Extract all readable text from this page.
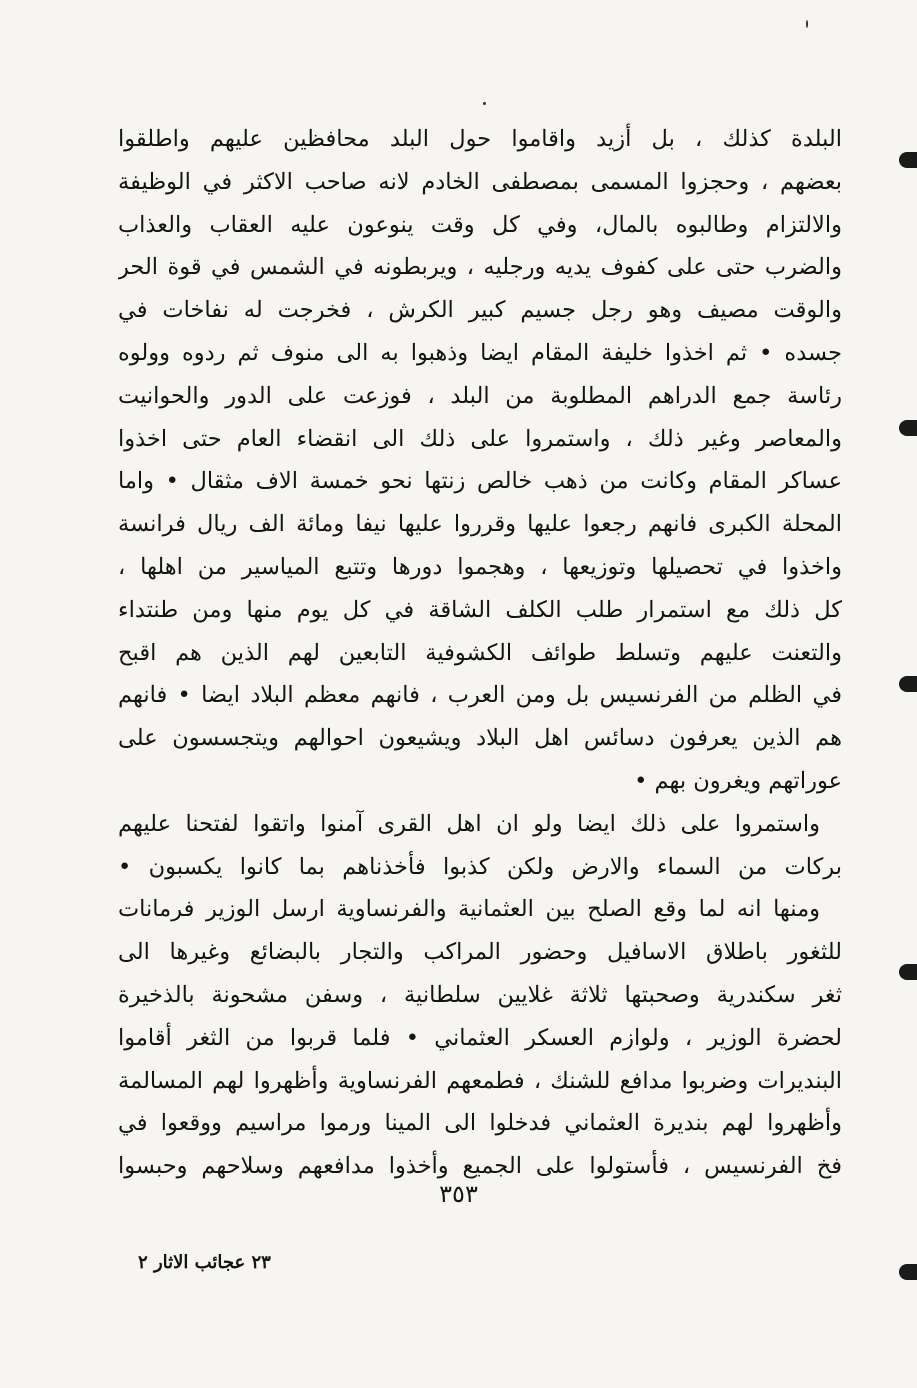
البلدة كذلك ، بل أزيد واقاموا حول البلد محافظين عليهم واطلقوا
بعضهم ، وحجزوا المسمى بمصطفى الخادم لانه صاحب الاكثر في الوظيفة
والالتزام وطالبوه بالمال، وفي كل وقت ينوعون عليه العقاب والعذاب
والضرب حتى على كفوف يديه ورجليه ، ويربطونه في الشمس في قوة الحر
والوقت مصيف وهو رجل جسيم كبير الكرش ، فخرجت له نفاخات في
جسده • ثم اخذوا خليفة المقام ايضا وذهبوا به الى منوف ثم ردوه وولوه
رئاسة جمع الدراهم المطلوبة من البلد ، فوزعت على الدور والحوانيت
والمعاصر وغير ذلك ، واستمروا على ذلك الى انقضاء العام حتى اخذوا
عساكر المقام وكانت من ذهب خالص زنتها نحو خمسة الاف مثقال • واما
المحلة الكبرى فانهم رجعوا عليها وقرروا عليها نيفا ومائة الف ريال فرانسة
واخذوا في تحصيلها وتوزيعها ، وهجموا دورها وتتبع المياسير من اهلها ،
كل ذلك مع استمرار طلب الكلف الشاقة في كل يوم منها ومن طنتداء
والتعنت عليهم وتسلط طوائف الكشوفية التابعين لهم الذين هم اقبح
في الظلم من الفرنسيس بل ومن العرب ، فانهم معظم البلاد ايضا • فانهم
هم الذين يعرفون دسائس اهل البلاد ويشيعون احوالهم ويتجسسون على
عوراتهم ويغرون بهم •
واستمروا على ذلك ايضا ولو ان اهل القرى آمنوا واتقوا لفتحنا عليهم
بركات من السماء والارض ولكن كذبوا فأخذناهم بما كانوا يكسبون •
ومنها انه لما وقع الصلح بين العثمانية والفرنساوية ارسل الوزير فرمانات
للثغور باطلاق الاسافيل وحضور المراكب والتجار بالبضائع وغيرها الى
ثغر سكندرية وصحبتها ثلاثة غلايين سلطانية ، وسفن مشحونة بالذخيرة
لحضرة الوزير ، ولوازم العسكر العثماني • فلما قربوا من الثغر أقاموا
البنديرات وضربوا مدافع للشنك ، فطمعهم الفرنساوية وأظهروا لهم المسالمة
وأظهروا لهم بنديرة العثماني فدخلوا الى المينا ورموا مراسيم ووقعوا في
فخ الفرنسيس ، فأستولوا على الجميع وأخذوا مدافعهم وسلاحهم وحبسوا
٣٥٣
٢٣ عجائب الاثار ٢
